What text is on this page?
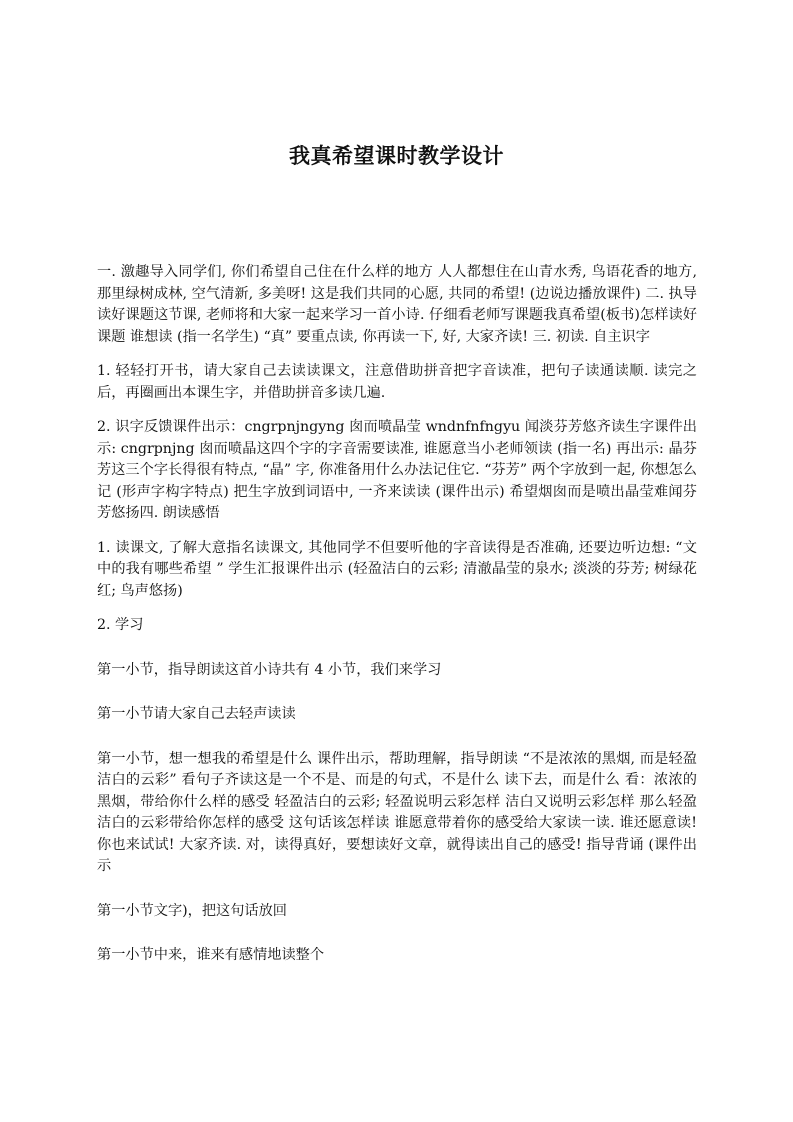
我真希望课时教学设计

一. 激趣导入同学们, 你们希望自己住在什么样的地方 人人都想住在山青水秀, 鸟语花香的地方, 那里绿树成林, 空气清新, 多美呀! 这是我们共同的心愿, 共同的希望! (边说边播放课件) 二. 执导读好课题这节课, 老师将和大家一起来学习一首小诗. 仔细看老师写课题我真希望(板书)怎样读好课题 谁想读 (指一名学生) “真” 要重点读, 你再读一下, 好, 大家齐读! 三. 初读. 自主识字

1. 轻轻打开书，请大家自己去读读课文，注意借助拼音把字音读准，把句子读通读顺. 读完之后，再圈画出本课生字，并借助拼音多读几遍.

2. 识字反馈课件出示：cngrpnjngyng 囱而喷晶莹 wndnfnfngyu 闻淡芬芳悠齐读生字课件出示: cngrpnjng 囱而喷晶这四个字的字音需要读准, 谁愿意当小老师领读 (指一名) 再出示: 晶芬芳这三个字长得很有特点, “晶” 字, 你准备用什么办法记住它. “芬芳” 两个字放到一起, 你想怎么记 (形声字构字特点) 把生字放到词语中, 一齐来读读 (课件出示) 希望烟囱而是喷出晶莹难闻芬芳悠扬四. 朗读感悟

1. 读课文, 了解大意指名读课文, 其他同学不但要听他的字音读得是否准确, 还要边听边想: “文中的我有哪些希望 ” 学生汇报课件出示 (轻盈洁白的云彩; 清澈晶莹的泉水; 淡淡的芬芳; 树绿花红; 鸟声悠扬)

2. 学习

第一小节，指导朗读这首小诗共有 4 小节，我们来学习

第一小节请大家自己去轻声读读

第一小节，想一想我的希望是什么 课件出示，帮助理解，指导朗读 “不是浓浓的黑烟, 而是轻盈洁白的云彩” 看句子齐读这是一个不是、而是的句式，不是什么 读下去，而是什么 看：浓浓的黑烟，带给你什么样的感受 轻盈洁白的云彩; 轻盈说明云彩怎样 洁白又说明云彩怎样 那么轻盈洁白的云彩带给你怎样的感受 这句话该怎样读 谁愿意带着你的感受给大家读一读. 谁还愿意读! 你也来试试! 大家齐读. 对，读得真好，要想读好文章，就得读出自己的感受! 指导背诵 (课件出示

第一小节文字)，把这句话放回

第一小节中来，谁来有感情地读整个
